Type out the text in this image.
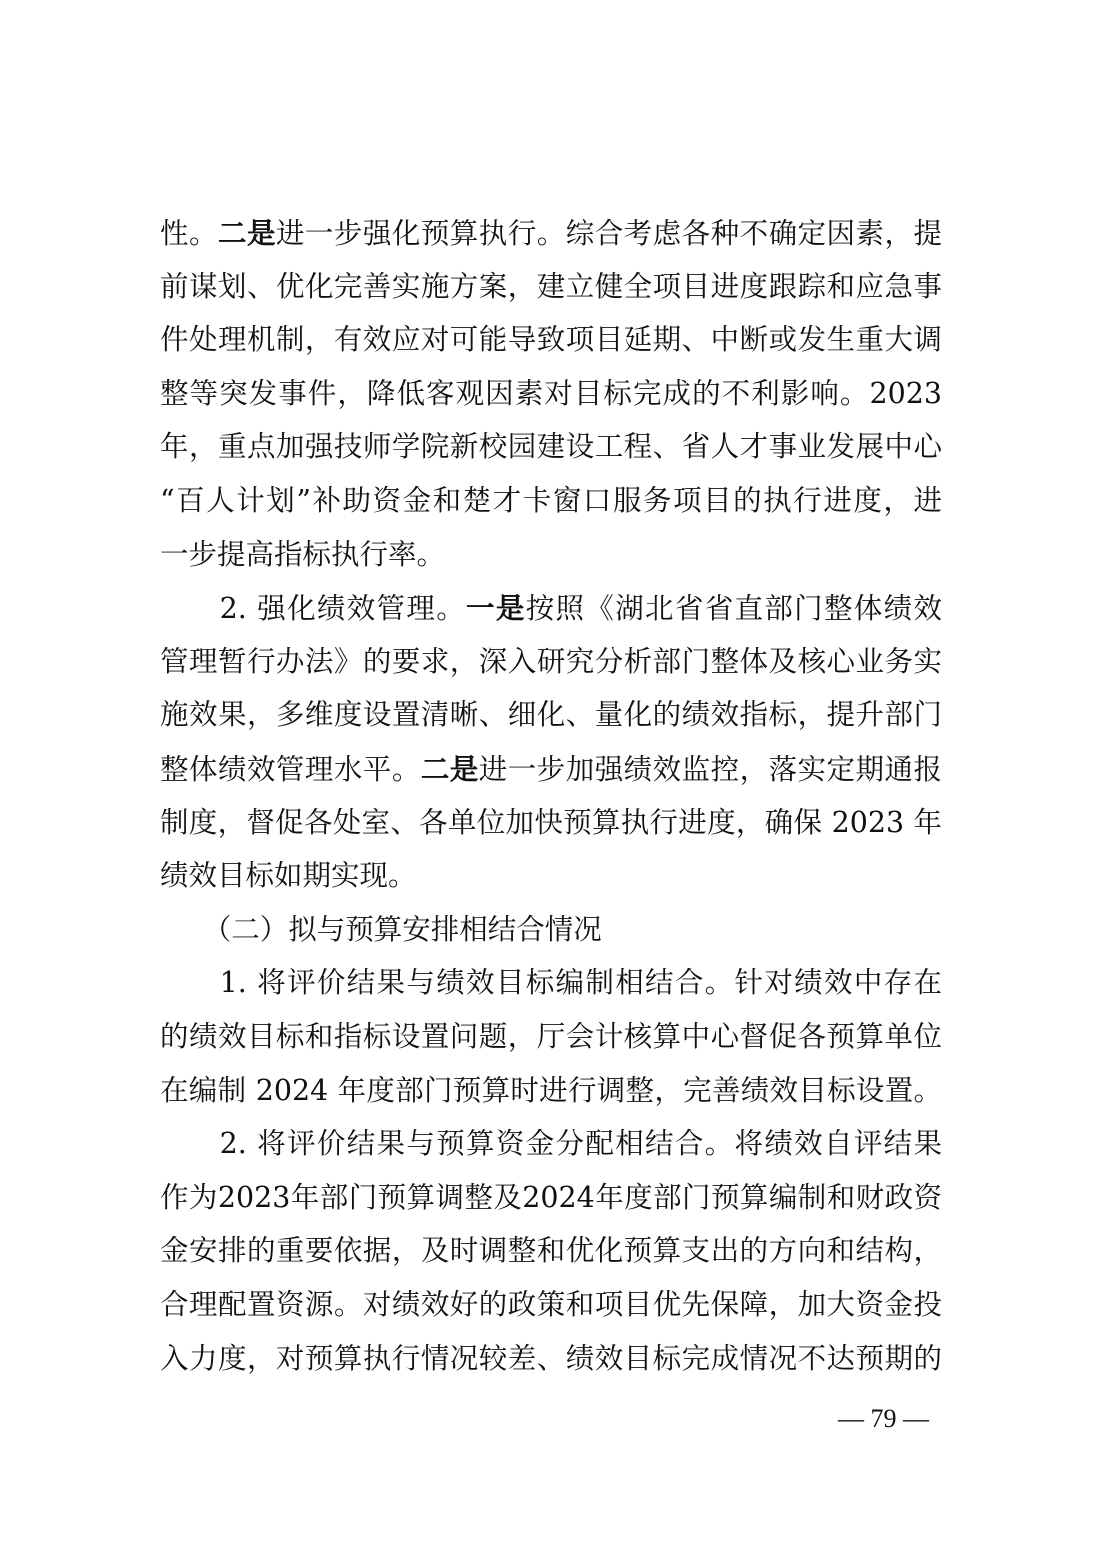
性。二是进一步强化预算执行。综合考虑各种不确定因素，提
前谋划、优化完善实施方案，建立健全项目进度跟踪和应急事
件处理机制，有效应对可能导致项目延期、中断或发生重大调
整等突发事件，降低客观因素对目标完成的不利影响。2023
年，重点加强技师学院新校园建设工程、省人才事业发展中心
“百人计划”补助资金和楚才卡窗口服务项目的执行进度，进
一步提高指标执行率。
　　2. 强化绩效管理。一是按照《湖北省省直部门整体绩效
管理暂行办法》的要求，深入研究分析部门整体及核心业务实
施效果，多维度设置清晰、细化、量化的绩效指标，提升部门
整体绩效管理水平。二是进一步加强绩效监控，落实定期通报
制度，督促各处室、各单位加快预算执行进度，确保 2023 年
绩效目标如期实现。
　　（二）拟与预算安排相结合情况
　　1. 将评价结果与绩效目标编制相结合。针对绩效中存在
的绩效目标和指标设置问题，厅会计核算中心督促各预算单位
在编制 2024 年度部门预算时进行调整，完善绩效目标设置。
　　2. 将评价结果与预算资金分配相结合。将绩效自评结果
作为2023年部门预算调整及2024年度部门预算编制和财政资
金安排的重要依据，及时调整和优化预算支出的方向和结构，
合理配置资源。对绩效好的政策和项目优先保障，加大资金投
入力度，对预算执行情况较差、绩效目标完成情况不达预期的
— 79 —
